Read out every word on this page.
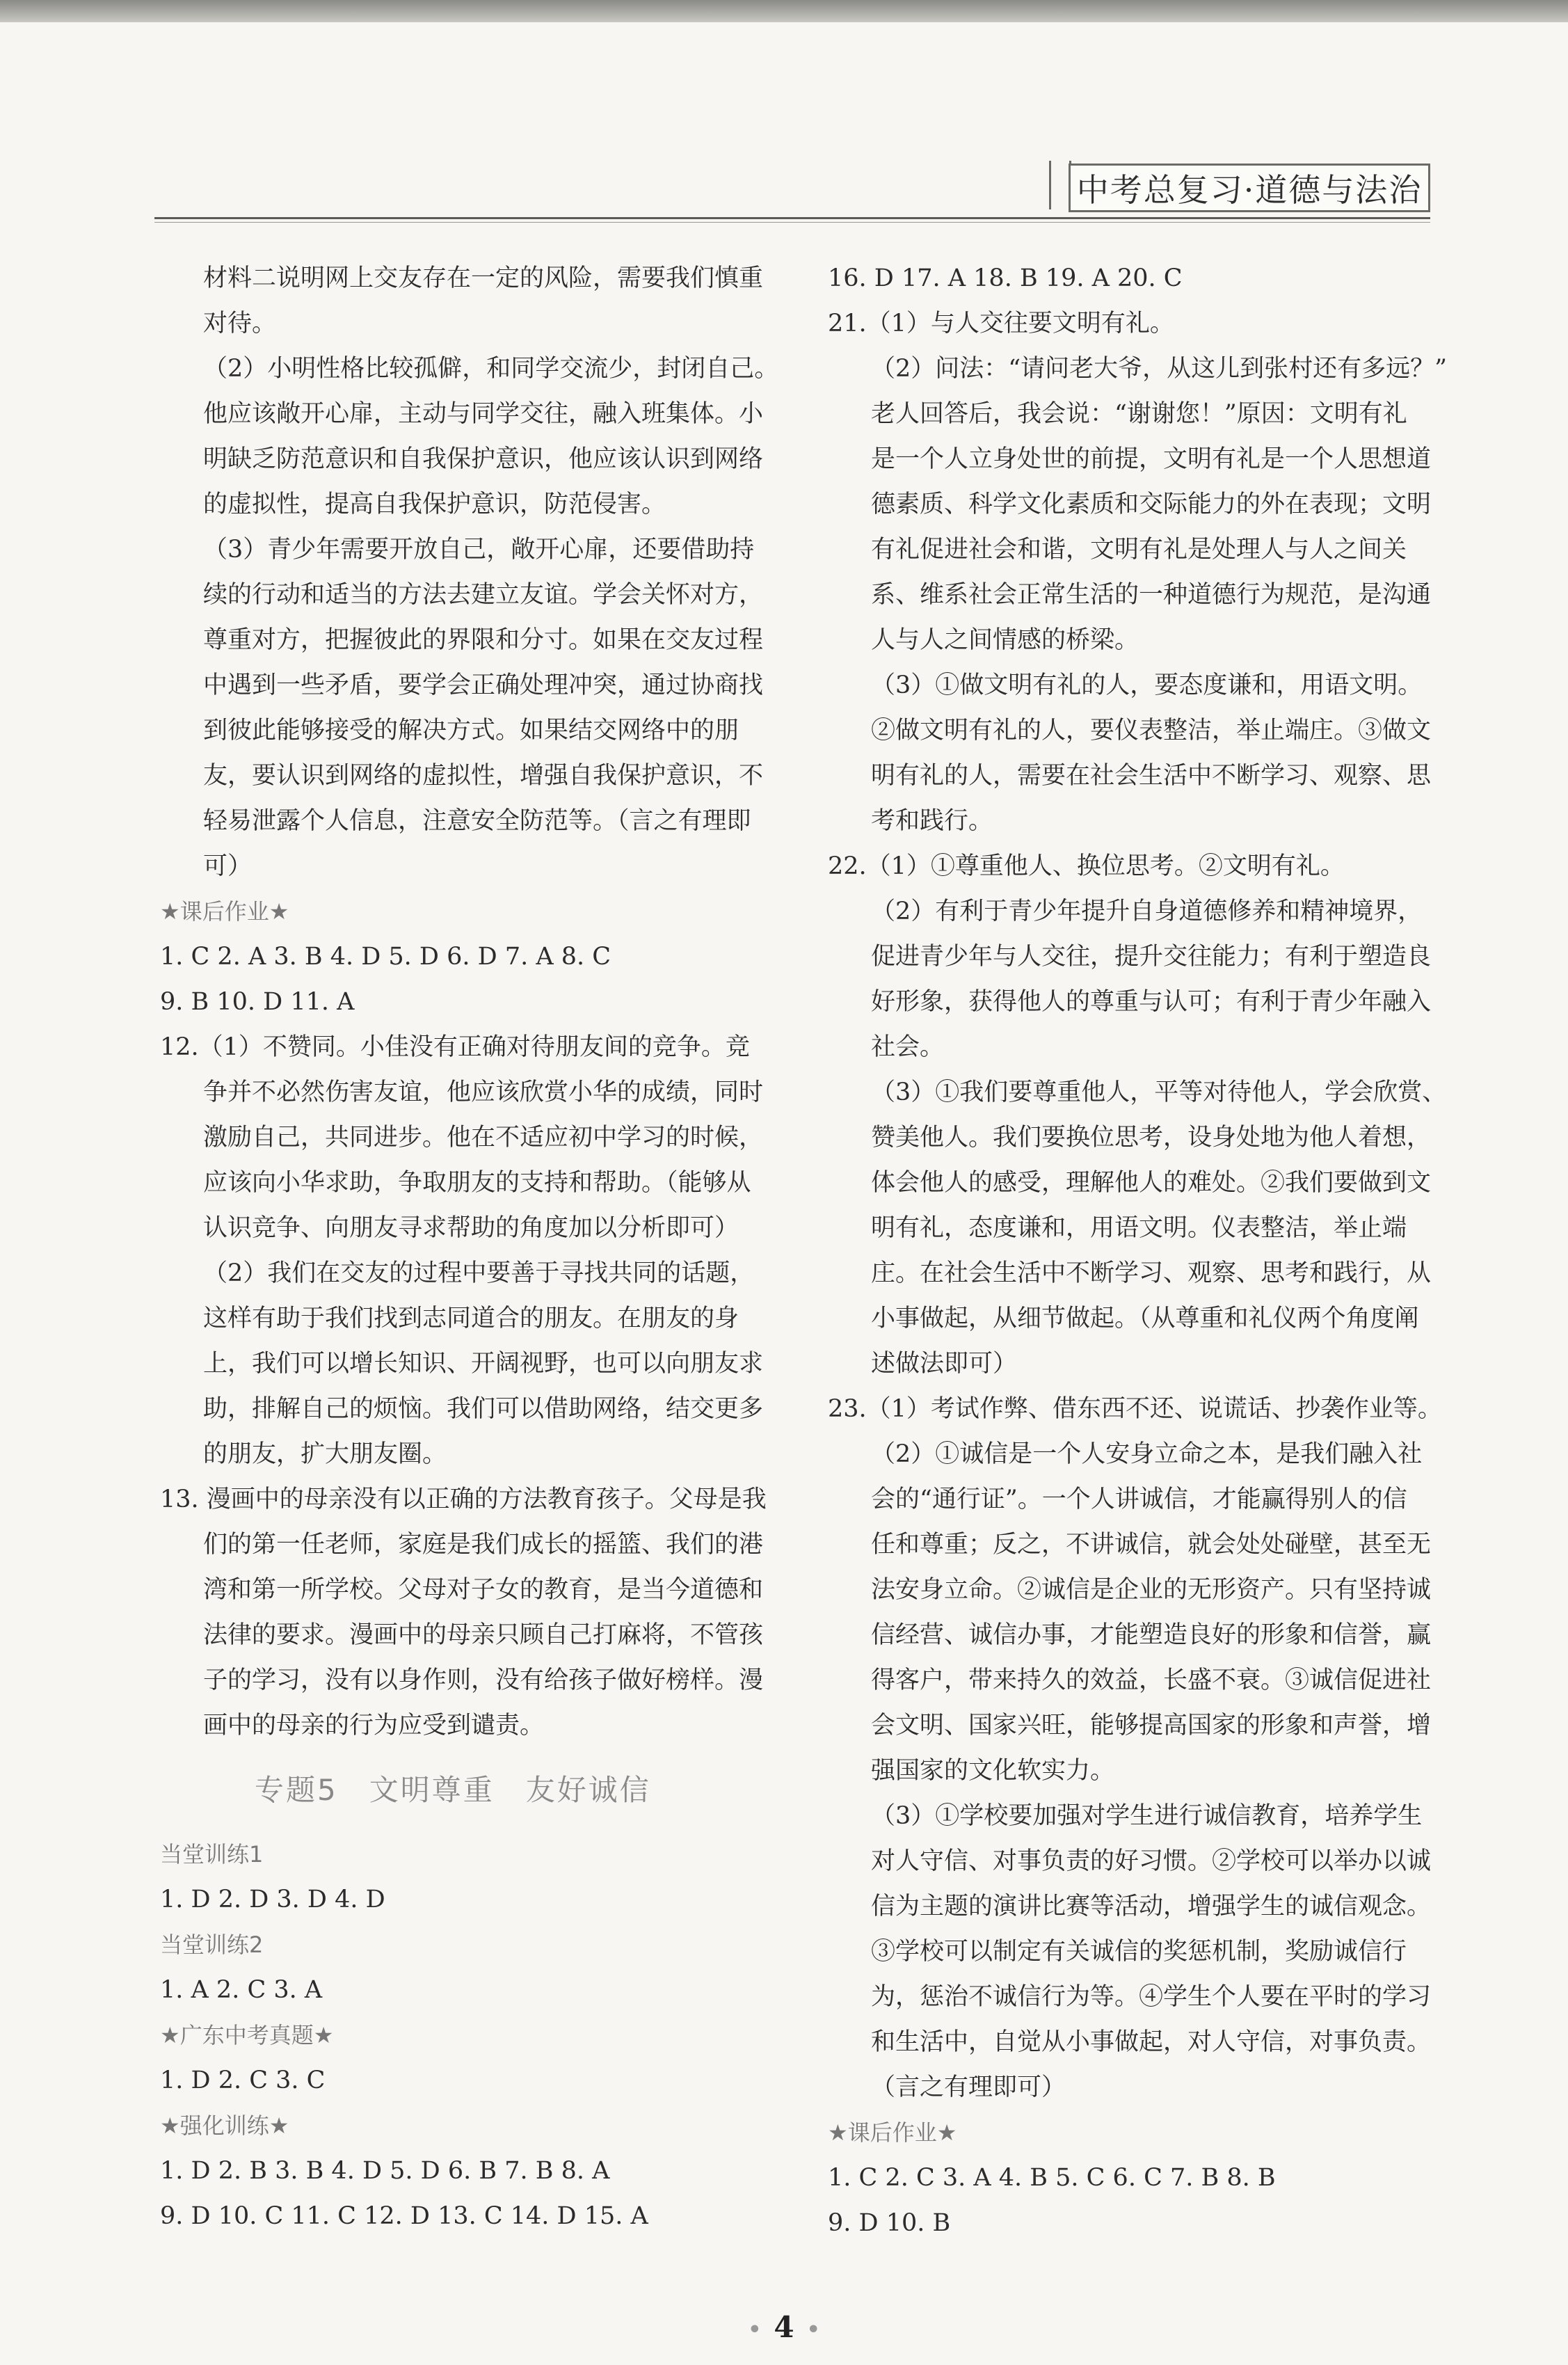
中考总复习·道德与法治
材料二说明网上交友存在一定的风险，需要我们慎重
对待。
（2）小明性格比较孤僻，和同学交流少，封闭自己。
他应该敞开心扉，主动与同学交往，融入班集体。小
明缺乏防范意识和自我保护意识，他应该认识到网络
的虚拟性，提高自我保护意识，防范侵害。
（3）青少年需要开放自己，敞开心扉，还要借助持
续的行动和适当的方法去建立友谊。学会关怀对方，
尊重对方，把握彼此的界限和分寸。如果在交友过程
中遇到一些矛盾，要学会正确处理冲突，通过协商找
到彼此能够接受的解决方式。如果结交网络中的朋
友，要认识到网络的虚拟性，增强自我保护意识，不
轻易泄露个人信息，注意安全防范等。（言之有理即
可）
★课后作业★
1. C 2. A 3. B 4. D 5. D 6. D 7. A 8. C
9. B 10. D 11. A
12.（1）不赞同。小佳没有正确对待朋友间的竞争。竞
争并不必然伤害友谊，他应该欣赏小华的成绩，同时
激励自己，共同进步。他在不适应初中学习的时候，
应该向小华求助，争取朋友的支持和帮助。（能够从
认识竞争、向朋友寻求帮助的角度加以分析即可）
（2）我们在交友的过程中要善于寻找共同的话题，
这样有助于我们找到志同道合的朋友。在朋友的身
上，我们可以增长知识、开阔视野，也可以向朋友求
助，排解自己的烦恼。我们可以借助网络，结交更多
的朋友，扩大朋友圈。
13. 漫画中的母亲没有以正确的方法教育孩子。父母是我
们的第一任老师，家庭是我们成长的摇篮、我们的港
湾和第一所学校。父母对子女的教育，是当今道德和
法律的要求。漫画中的母亲只顾自己打麻将，不管孩
子的学习，没有以身作则，没有给孩子做好榜样。漫
画中的母亲的行为应受到谴责。
专题5　文明尊重　友好诚信
当堂训练1
1. D 2. D 3. D 4. D
当堂训练2
1. A 2. C 3. A
★广东中考真题★
1. D 2. C 3. C
★强化训练★
1. D 2. B 3. B 4. D 5. D 6. B 7. B 8. A
9. D 10. C 11. C 12. D 13. C 14. D 15. A
16. D 17. A 18. B 19. A 20. C
21.（1）与人交往要文明有礼。
（2）问法：“请问老大爷，从这儿到张村还有多远？”
老人回答后，我会说：“谢谢您！”原因：文明有礼
是一个人立身处世的前提，文明有礼是一个人思想道
德素质、科学文化素质和交际能力的外在表现；文明
有礼促进社会和谐，文明有礼是处理人与人之间关
系、维系社会正常生活的一种道德行为规范，是沟通
人与人之间情感的桥梁。
（3）①做文明有礼的人，要态度谦和，用语文明。
②做文明有礼的人，要仪表整洁，举止端庄。③做文
明有礼的人，需要在社会生活中不断学习、观察、思
考和践行。
22.（1）①尊重他人、换位思考。②文明有礼。
（2）有利于青少年提升自身道德修养和精神境界，
促进青少年与人交往，提升交往能力；有利于塑造良
好形象，获得他人的尊重与认可；有利于青少年融入
社会。
（3）①我们要尊重他人，平等对待他人，学会欣赏、
赞美他人。我们要换位思考，设身处地为他人着想，
体会他人的感受，理解他人的难处。②我们要做到文
明有礼，态度谦和，用语文明。仪表整洁，举止端
庄。在社会生活中不断学习、观察、思考和践行，从
小事做起，从细节做起。（从尊重和礼仪两个角度阐
述做法即可）
23.（1）考试作弊、借东西不还、说谎话、抄袭作业等。
（2）①诚信是一个人安身立命之本，是我们融入社
会的“通行证”。一个人讲诚信，才能赢得别人的信
任和尊重；反之，不讲诚信，就会处处碰壁，甚至无
法安身立命。②诚信是企业的无形资产。只有坚持诚
信经营、诚信办事，才能塑造良好的形象和信誉，赢
得客户，带来持久的效益，长盛不衰。③诚信促进社
会文明、国家兴旺，能够提高国家的形象和声誉，增
强国家的文化软实力。
（3）①学校要加强对学生进行诚信教育，培养学生
对人守信、对事负责的好习惯。②学校可以举办以诚
信为主题的演讲比赛等活动，增强学生的诚信观念。
③学校可以制定有关诚信的奖惩机制，奖励诚信行
为，惩治不诚信行为等。④学生个人要在平时的学习
和生活中，自觉从小事做起，对人守信，对事负责。
（言之有理即可）
★课后作业★
1. C 2. C 3. A 4. B 5. C 6. C 7. B 8. B
9. D 10. B
• 4 •
